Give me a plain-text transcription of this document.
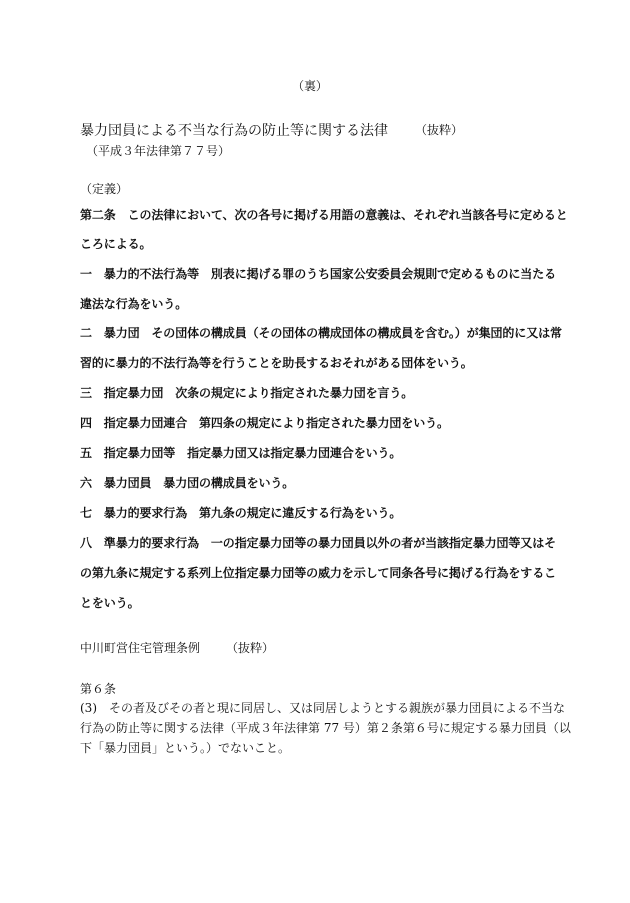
（裏）

暴力団員による不当な行為の防止等に関する法律 （抜粋）

（平成３年法律第７７号）

（定義）

第二条　この法律において、次の各号に掲げる用語の意義は、それぞれ当該各号に定めると

ころによる。

一　暴力的不法行為等　別表に掲げる罪のうち国家公安委員会規則で定めるものに当たる

違法な行為をいう。

二　暴力団　その団体の構成員（その団体の構成団体の構成員を含む。）が集団的に又は常

習的に暴力的不法行為等を行うことを助長するおそれがある団体をいう。

三　指定暴力団　次条の規定により指定された暴力団を言う。

四　指定暴力団連合　第四条の規定により指定された暴力団をいう。

五　指定暴力団等　指定暴力団又は指定暴力団連合をいう。

六　暴力団員　暴力団の構成員をいう。

七　暴力的要求行為　第九条の規定に違反する行為をいう。

八　準暴力的要求行為　一の指定暴力団等の暴力団員以外の者が当該指定暴力団等又はそ

の第九条に規定する系列上位指定暴力団等の威力を示して同条各号に掲げる行為をするこ

とをいう。

中川町営住宅管理条例 （抜粋）

第６条

(3)　その者及びその者と現に同居し、又は同居しようとする親族が暴力団員による不当な

行為の防止等に関する法律（平成３年法律第 77 号）第２条第６号に規定する暴力団員（以

下「暴力団員」という。）でないこと。
